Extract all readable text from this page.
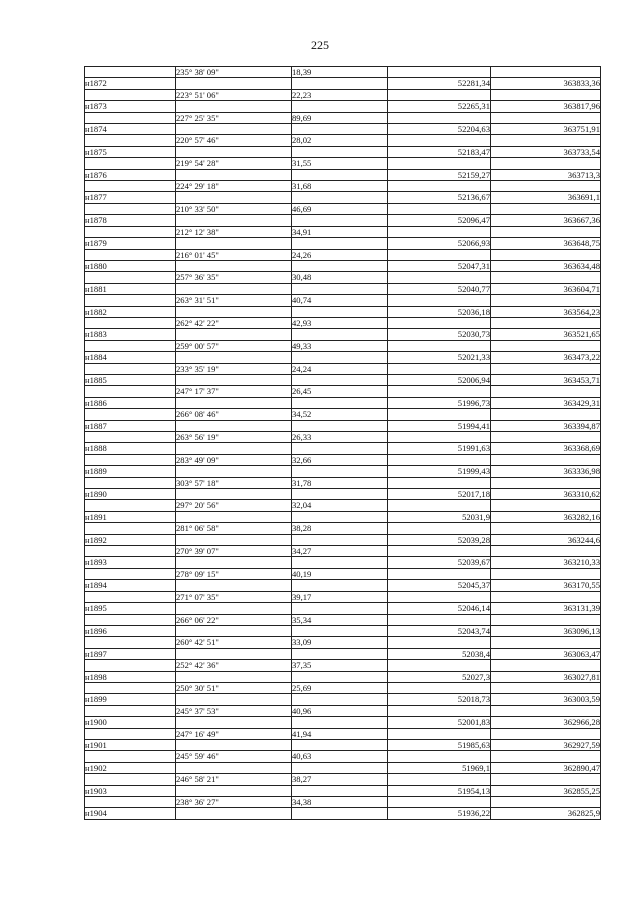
225
	235° 38' 09"	18,39		
н1872			52281,34	363833,36
	223° 51' 06"	22,23		
н1873			52265,31	363817,96
	227° 25' 35"	89,69		
н1874			52204,63	363751,91
	220° 57' 46"	28,02		
н1875			52183,47	363733,54
	219° 54' 28"	31,55		
н1876			52159,27	363713,3
	224° 29' 18"	31,68		
н1877			52136,67	363691,1
	210° 33' 50"	46,69		
н1878			52096,47	363667,36
	212° 12' 38"	34,91		
н1879			52066,93	363648,75
	216° 01' 45"	24,26		
н1880			52047,31	363634,48
	257° 36' 35"	30,48		
н1881			52040,77	363604,71
	263° 31' 51"	40,74		
н1882			52036,18	363564,23
	262° 42' 22"	42,93		
н1883			52030,73	363521,65
	259° 00' 57"	49,33		
н1884			52021,33	363473,22
	233° 35' 19"	24,24		
н1885			52006,94	363453,71
	247° 17' 37"	26,45		
н1886			51996,73	363429,31
	266° 08' 46"	34,52		
н1887			51994,41	363394,87
	263° 56' 19"	26,33		
н1888			51991,63	363368,69
	283° 49' 09"	32,66		
н1889			51999,43	363336,98
	303° 57' 18"	31,78		
н1890			52017,18	363310,62
	297° 20' 56"	32,04		
н1891			52031,9	363282,16
	281° 06' 58"	38,28		
н1892			52039,28	363244,6
	270° 39' 07"	34,27		
н1893			52039,67	363210,33
	278° 09' 15"	40,19		
н1894			52045,37	363170,55
	271° 07' 35"	39,17		
н1895			52046,14	363131,39
	266° 06' 22"	35,34		
н1896			52043,74	363096,13
	260° 42' 51"	33,09		
н1897			52038,4	363063,47
	252° 42' 36"	37,35		
н1898			52027,3	363027,81
	250° 30' 51"	25,69		
н1899			52018,73	363003,59
	245° 37' 53"	40,96		
н1900			52001,83	362966,28
	247° 16' 49"	41,94		
н1901			51985,63	362927,59
	245° 59' 46"	40,63		
н1902			51969,1	362890,47
	246° 58' 21"	38,27		
н1903			51954,13	362855,25
	238° 36' 27"	34,38		
н1904			51936,22	362825,9
